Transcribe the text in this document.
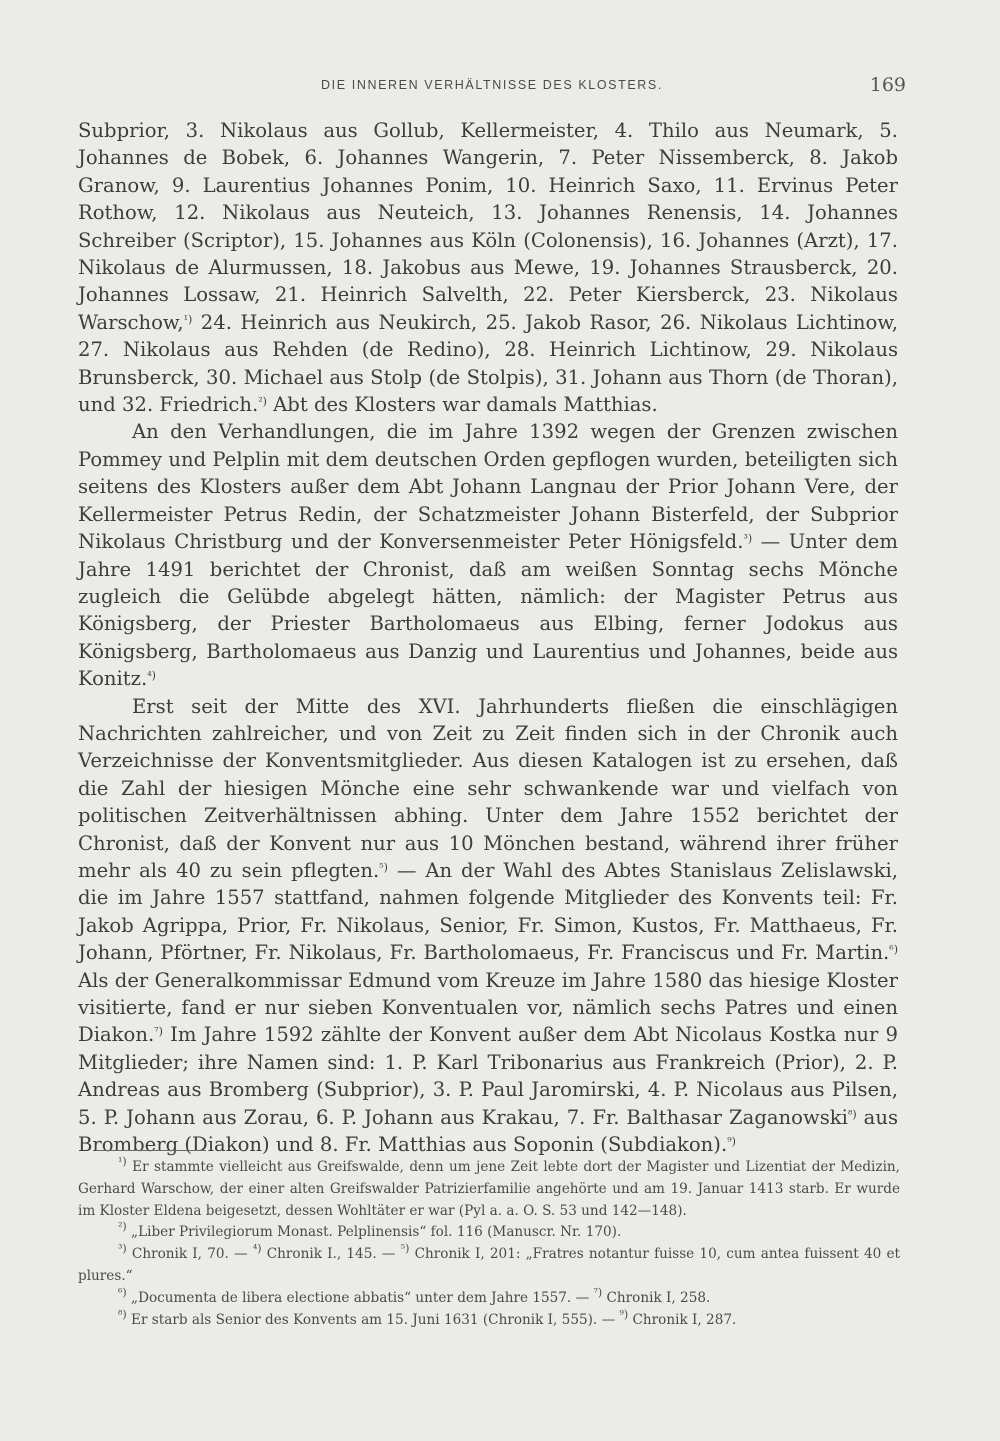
DIE INNEREN VERHÄLTNISSE DES KLOSTERS.	169

Subprior, 3. Nikolaus aus Gollub, Kellermeister, 4. Thilo aus Neumark, 5. Johannes de Bobek, 6. Johannes Wangerin, 7. Peter Nissemberck, 8. Jakob Granow, 9. Laurentius Johannes Ponim, 10. Heinrich Saxo, 11. Ervinus Peter Rothow, 12. Nikolaus aus Neuteich, 13. Johannes Renensis, 14. Johannes Schreiber (Scriptor), 15. Johannes aus Köln (Colonensis), 16. Johannes (Arzt), 17. Nikolaus de Alurmussen, 18. Jakobus aus Mewe, 19. Johannes Strausberck, 20. Johannes Lossaw, 21. Heinrich Salvelth, 22. Peter Kiersberck, 23. Nikolaus Warschow,$^{^1)}$ 24. Heinrich aus Neukirch, 25. Jakob Rasor, 26. Nikolaus Lichtinow, 27. Nikolaus aus Rehden (de Redino), 28. Heinrich Lichtinow, 29. Nikolaus Brunsberck, 30. Michael aus Stolp (de Stolpis), 31. Johann aus Thorn (de Thoran), und 32. Friedrich.$^{^2)}$ Abt des Klosters war damals Matthias.

An den Verhandlungen, die im Jahre 1392 wegen der Grenzen zwischen Pommey und Pelplin mit dem deutschen Orden gepflogen wurden, beteiligten sich seitens des Klosters außer dem Abt Johann Langnau der Prior Johann Vere, der Kellermeister Petrus Redin, der Schatzmeister Johann Bisterfeld, der Subprior Nikolaus Christburg und der Konversenmeister Peter Hönigsfeld.$^{^3)}$ — Unter dem Jahre 1491 berichtet der Chronist, daß am weißen Sonntag sechs Mönche zugleich die Gelübde abgelegt hätten, nämlich: der Magister Petrus aus Königsberg, der Priester Bartholomaeus aus Elbing, ferner Jodokus aus Königsberg, Bartholomaeus aus Danzig und Laurentius und Johannes, beide aus Konitz.$^{^4)}$

Erst seit der Mitte des XVI. Jahrhunderts fließen die einschlägigen Nachrichten zahlreicher, und von Zeit zu Zeit finden sich in der Chronik auch Verzeichnisse der Konventsmitglieder. Aus diesen Katalogen ist zu ersehen, daß die Zahl der hiesigen Mönche eine sehr schwankende war und vielfach von politischen Zeitverhältnissen abhing. Unter dem Jahre 1552 berichtet der Chronist, daß der Konvent nur aus 10 Mönchen bestand, während ihrer früher mehr als 40 zu sein pflegten.$^{^5)}$ — An der Wahl des Abtes Stanislaus Zelislawski, die im Jahre 1557 stattfand, nahmen folgende Mitglieder des Konvents teil: Fr. Jakob Agrippa, Prior, Fr. Nikolaus, Senior, Fr. Simon, Kustos, Fr. Matthaeus, Fr. Johann, Pförtner, Fr. Nikolaus, Fr. Bartholomaeus, Fr. Franciscus und Fr. Martin.$^{^6)}$ Als der Generalkommissar Edmund vom Kreuze im Jahre 1580 das hiesige Kloster visitierte, fand er nur sieben Konventualen vor, nämlich sechs Patres und einen Diakon.$^{^7)}$ Im Jahre 1592 zählte der Konvent außer dem Abt Nicolaus Kostka nur 9 Mitglieder; ihre Namen sind: 1. P. Karl Tribonarius aus Frankreich (Prior), 2. P. Andreas aus Bromberg (Subprior), 3. P. Paul Jaromirski, 4. P. Nicolaus aus Pilsen, 5. P. Johann aus Zorau, 6. P. Johann aus Krakau, 7. Fr. Balthasar Zaganowski$^{^8)}$ aus Bromberg (Diakon) und 8. Fr. Matthias aus Soponin (Subdiakon).$^{^9)}$

$^{^1)}$ Er stammte vielleicht aus Greifswalde, denn um jene Zeit lebte dort der Magister und Lizentiat der Medizin, Gerhard Warschow, der einer alten Greifswalder Patrizierfamilie angehörte und am 19. Januar 1413 starb. Er wurde im Kloster Eldena beigesetzt, dessen Wohltäter er war (Pyl a. a. O. S. 53 und 142—148).

$^{^2)}$ „Liber Privilegiorum Monast. Pelplinensis“ fol. 116 (Manuscr. Nr. 170).

$^{^3)}$ Chronik I, 70. — $^{^4)}$ Chronik I., 145. — $^{^5)}$ Chronik I, 201: „Fratres notantur fuisse 10, cum antea fuissent 40 et plures.“

$^{^6)}$ „Documenta de libera electione abbatis“ unter dem Jahre 1557. — $^{^7)}$ Chronik I, 258.

$^{^8)}$ Er starb als Senior des Konvents am 15. Juni 1631 (Chronik I, 555). — $^{^9)}$ Chronik I, 287.
